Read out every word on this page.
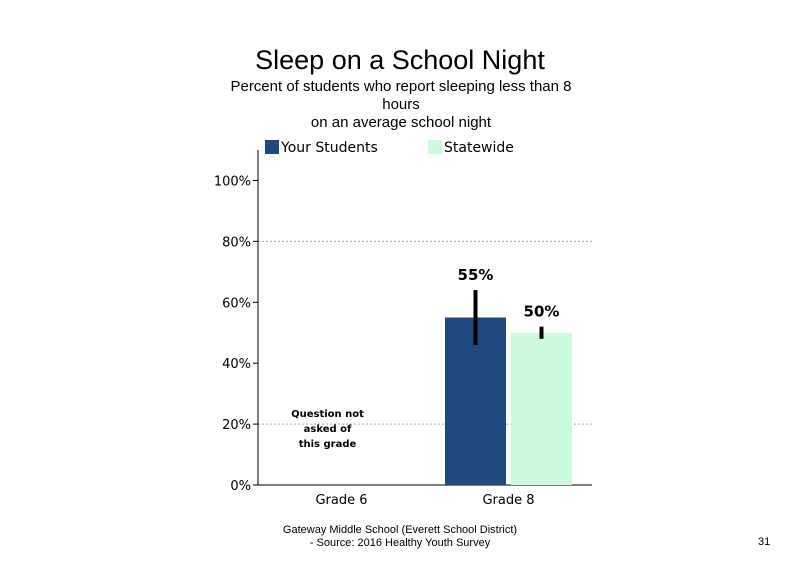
Sleep on a School Night
Percent of students who report sleeping less than 8
hours
on an average school night
Your Students	Statewide
0%
20%
40%
60%
80%
100%
Grade 6	Grade 8
55%
50%
Question not
asked of
this grade
Gateway Middle School (Everett School District)
- Source: 2016 Healthy Youth Survey	31
